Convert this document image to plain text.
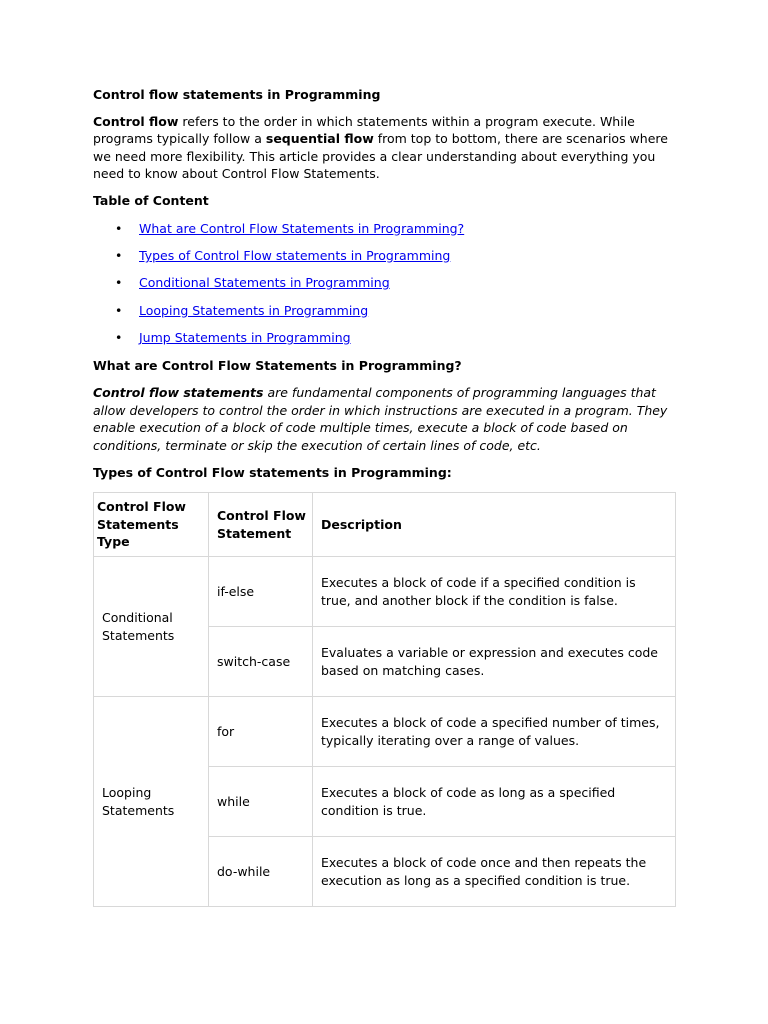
Control flow statements in Programming

Control flow refers to the order in which statements within a program execute. While programs typically follow a sequential flow from top to bottom, there are scenarios where we need more flexibility. This article provides a clear understanding about everything you need to know about Control Flow Statements.

Table of Content

• What are Control Flow Statements in Programming?
• Types of Control Flow statements in Programming
• Conditional Statements in Programming
• Looping Statements in Programming
• Jump Statements in Programming

What are Control Flow Statements in Programming?

Control flow statements are fundamental components of programming languages that allow developers to control the order in which instructions are executed in a program. They enable execution of a block of code multiple times, execute a block of code based on conditions, terminate or skip the execution of certain lines of code, etc.

Types of Control Flow statements in Programming:

Control Flow Statements Type	Control Flow Statement	Description
Conditional Statements	if-else	Executes a block of code if a specified condition is true, and another block if the condition is false.
	switch-case	Evaluates a variable or expression and executes code based on matching cases.
Looping Statements	for	Executes a block of code a specified number of times, typically iterating over a range of values.
	while	Executes a block of code as long as a specified condition is true.
	do-while	Executes a block of code once and then repeats the execution as long as a specified condition is true.
